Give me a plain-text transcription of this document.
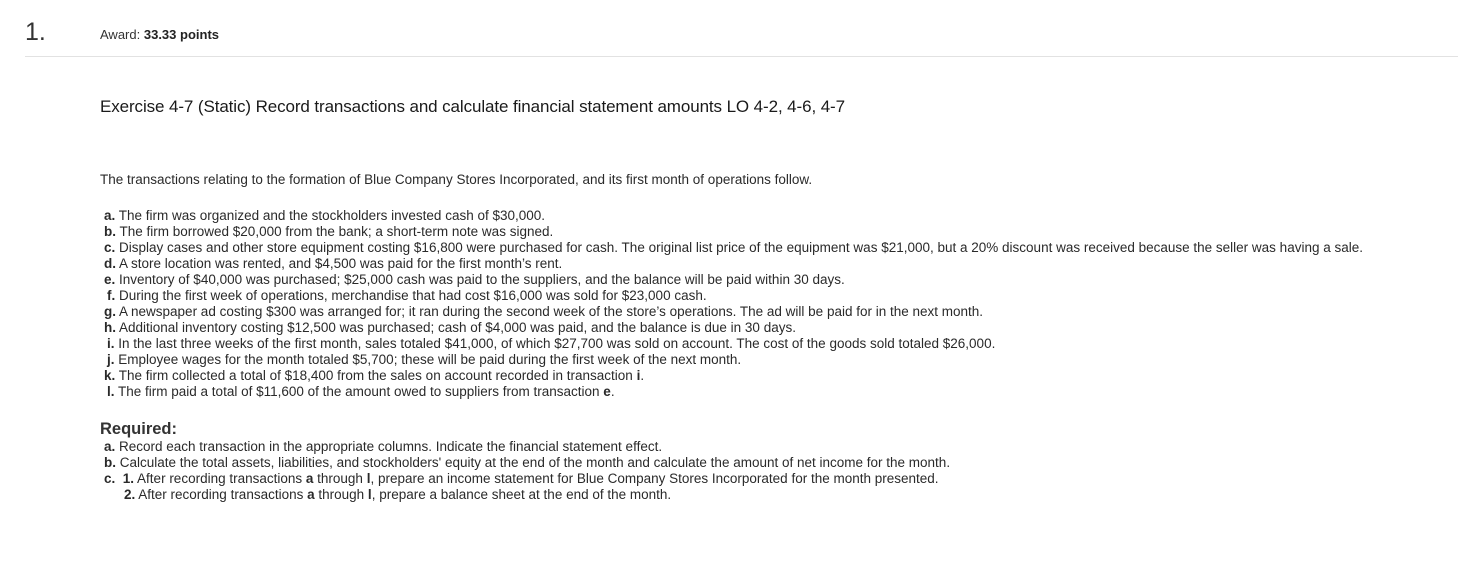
1.	Award: 33.33 points
Exercise 4-7 (Static) Record transactions and calculate financial statement amounts LO 4-2, 4-6, 4-7
The transactions relating to the formation of Blue Company Stores Incorporated, and its first month of operations follow.
a. The firm was organized and the stockholders invested cash of $30,000.
b. The firm borrowed $20,000 from the bank; a short-term note was signed.
c. Display cases and other store equipment costing $16,800 were purchased for cash. The original list price of the equipment was $21,000, but a 20% discount was received because the seller was having a sale.
d. A store location was rented, and $4,500 was paid for the first month’s rent.
e. Inventory of $40,000 was purchased; $25,000 cash was paid to the suppliers, and the balance will be paid within 30 days.
f. During the first week of operations, merchandise that had cost $16,000 was sold for $23,000 cash.
g. A newspaper ad costing $300 was arranged for; it ran during the second week of the store’s operations. The ad will be paid for in the next month.
h. Additional inventory costing $12,500 was purchased; cash of $4,000 was paid, and the balance is due in 30 days.
i. In the last three weeks of the first month, sales totaled $41,000, of which $27,700 was sold on account. The cost of the goods sold totaled $26,000.
j. Employee wages for the month totaled $5,700; these will be paid during the first week of the next month.
k. The firm collected a total of $18,400 from the sales on account recorded in transaction i.
l. The firm paid a total of $11,600 of the amount owed to suppliers from transaction e.
Required:
a. Record each transaction in the appropriate columns. Indicate the financial statement effect.
b. Calculate the total assets, liabilities, and stockholders' equity at the end of the month and calculate the amount of net income for the month.
c. 1. After recording transactions a through l, prepare an income statement for Blue Company Stores Incorporated for the month presented.
2. After recording transactions a through l, prepare a balance sheet at the end of the month.
